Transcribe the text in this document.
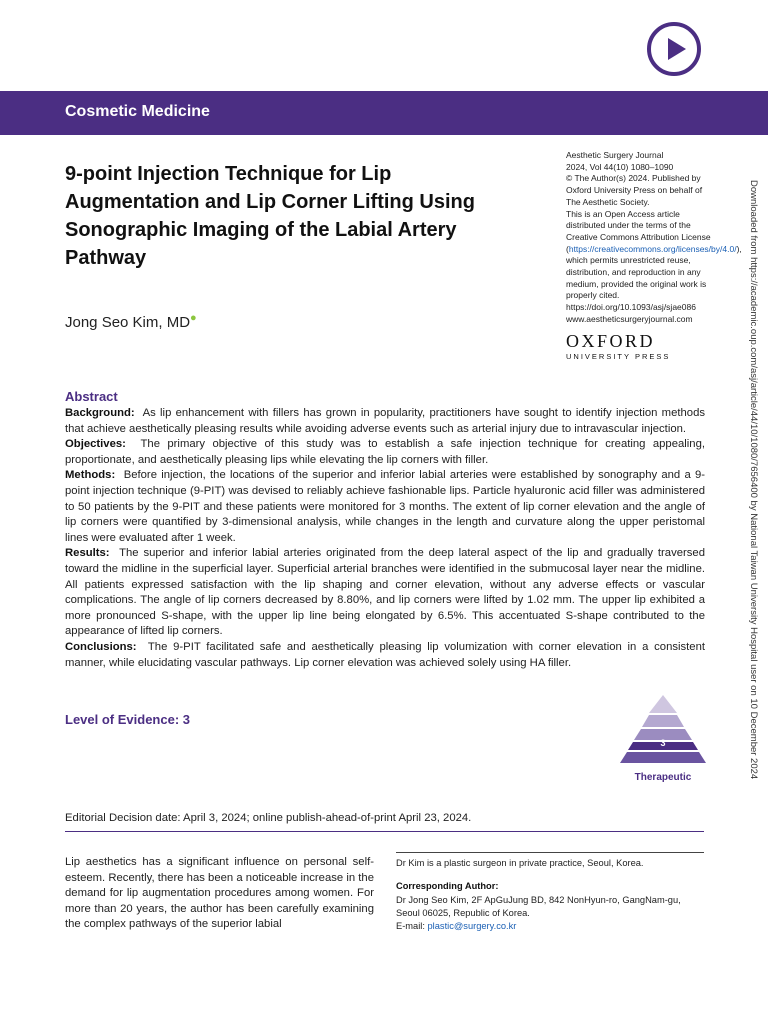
Cosmetic Medicine
9-point Injection Technique for Lip Augmentation and Lip Corner Lifting Using Sonographic Imaging of the Labial Artery Pathway
Jong Seo Kim, MD●
Aesthetic Surgery Journal
2024, Vol 44(10) 1080–1090
© The Author(s) 2024. Published by Oxford University Press on behalf of The Aesthetic Society.
This is an Open Access article distributed under the terms of the Creative Commons Attribution License (https://creativecommons.org/licenses/by/4.0/), which permits unrestricted reuse, distribution, and reproduction in any medium, provided the original work is properly cited.
https://doi.org/10.1093/asj/sjae086
www.aestheticsurgeryjournal.com
OXFORD
UNIVERSITY PRESS	Downloaded from https://academic.oup.com/asj/article/44/10/1080/7656400 by National Taiwan University Hospital user on 10 December 2024
Abstract

Background: As lip enhancement with fillers has grown in popularity, practitioners have sought to identify injection methods that achieve aesthetically pleasing results while avoiding adverse events such as arterial injury due to intravascular injection.

Objectives: The primary objective of this study was to establish a safe injection technique for creating appealing, proportionate, and aesthetically pleasing lips while elevating the lip corners with filler.

Methods: Before injection, the locations of the superior and inferior labial arteries were established by sonography and a 9-point injection technique (9-PIT) was devised to reliably achieve fashionable lips. Particle hyaluronic acid filler was administered to 50 patients by the 9-PIT and these patients were monitored for 3 months. The extent of lip corner elevation and the angle of lip corners were quantified by 3-dimensional analysis, while changes in the length and curvature along the upper peristomal lines were evaluated after 1 week.

Results: The superior and inferior labial arteries originated from the deep lateral aspect of the lip and gradually traversed toward the midline in the superficial layer. Superficial arterial branches were identified in the submucosal layer near the midline. All patients expressed satisfaction with the lip shaping and corner elevation, without any adverse effects or vascular complications. The angle of lip corners decreased by 8.80%, and lip corners were lifted by 1.02 mm. The upper lip exhibited a more pronounced S-shape, with the upper lip line being elongated by 6.5%. This accentuated S-shape contributed to the appearance of lifted lip corners.

Conclusions: The 9-PIT facilitated safe and aesthetically pleasing lip volumization with corner elevation in a consistent manner, while elucidating vascular pathways. Lip corner elevation was achieved solely using HA filler.

Level of Evidence: 3
3
Therapeutic
Editorial Decision date: April 3, 2024; online publish-ahead-of-print April 23, 2024.
Lip aesthetics has a significant influence on personal self-esteem. Recently, there has been a noticeable increase in the demand for lip augmentation procedures among women. For more than 20 years, the author has been carefully examining the complex pathways of the superior labial
Dr Kim is a plastic surgeon in private practice, Seoul, Korea.
Corresponding Author:
Dr Jong Seo Kim, 2F ApGuJung BD, 842 NonHyun-ro, GangNam-gu, Seoul 06025, Republic of Korea.
E-mail: plastic@surgery.co.kr
